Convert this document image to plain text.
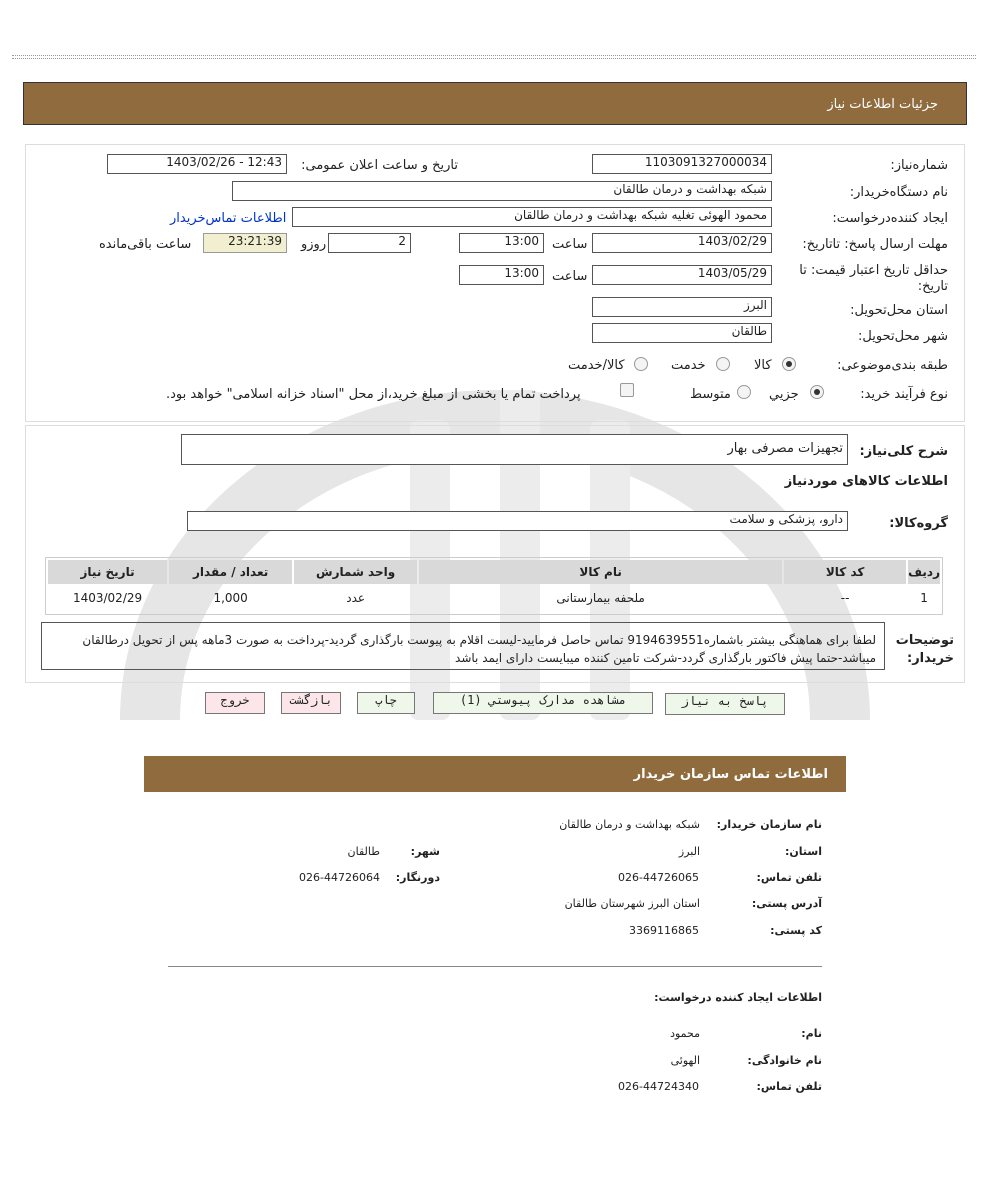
جزئیات اطلاعات نیاز
شماره‌نیاز:
1103091327000034
تاریخ و ساعت اعلان عمومی:
1403/02/26 - 12:43
نام دستگاه‌خریدار:
شبکه بهداشت و درمان طالقان
ایجاد کننده‌درخواست:
محمود الهوئی تغلیه شبکه بهداشت و درمان طالقان
اطلاعات تماس‌خریدار
مهلت ارسال پاسخ: تاتاریخ:
1403/02/29
ساعت
13:00
2
روزو
23:21:39
ساعت باقی‌مانده
حداقل تاریخ اعتبار قیمت: تا تاریخ:
1403/05/29
ساعت
13:00
استان محل‌تحویل:
البرز
شهر محل‌تحویل:
طالقان
طبقه بندی‌موضوعی:
کالا
خدمت
کالا/خدمت
نوع فرآیند خرید:
جزیي
متوسط
پرداخت تمام یا بخشی از مبلغ خرید،از محل "اسناد خزانه اسلامی" خواهد بود.
شرح کلی‌نیاز:
تجهیزات مصرفی بهار
اطلاعات کالاهای موردنیاز
گروه‌کالا:
دارو، پزشکی و سلامت
ردیف	کد کالا	نام کالا	واحد شمارش	تعداد / مقدار	تاریخ نیاز
1	--	ملحفه بیمارستانی	عدد	1,000	1403/02/29
توضیحات خریدار:
لطفا برای هماهنگی بیشتر باشماره9194639551 تماس حاصل فرمایید-لیست اقلام به پیوست بارگذاری گردید-پرداخت به صورت 3ماهه پس از تحویل درطالقان میباشد-حتما پیش فاکتور بارگذاری گردد-شرکت تامین کننده میبایست دارای ایمد باشد
پاسخ به نیاز
مشاهده مدارک پیوستي (1)
چاپ
بازگشت
خروج
اطلاعات تماس سازمان خریدار
نام سازمان خریدار:
شبکه بهداشت و درمان طالقان
استان:
البرز
شهر:
طالقان
تلفن تماس:
026-44726065
دورنگار:
026-44726064
آدرس پستی:
استان البرز شهرستان طالقان
کد پستی:
3369116865
اطلاعات ایجاد کننده درخواست:
نام:
محمود
نام خانوادگی:
الهوئی
تلفن تماس:
026-44724340
